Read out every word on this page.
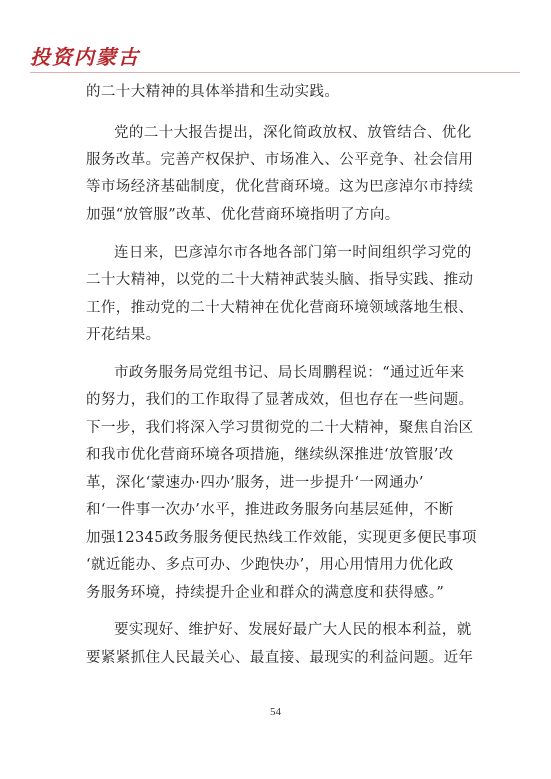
投资内蒙古
的二十大精神的具体举措和生动实践。
党的二十大报告提出，深化简政放权、放管结合、优化
服务改革。完善产权保护、市场准入、公平竞争、社会信用
等市场经济基础制度，优化营商环境。这为巴彦淖尔市持续
加强“放管服”改革、优化营商环境指明了方向。
连日来，巴彦淖尔市各地各部门第一时间组织学习党的
二十大精神，以党的二十大精神武装头脑、指导实践、推动
工作，推动党的二十大精神在优化营商环境领域落地生根、
开花结果。
市政务服务局党组书记、局长周鹏程说：“通过近年来
的努力，我们的工作取得了显著成效，但也存在一些问题。
下一步，我们将深入学习贯彻党的二十大精神，聚焦自治区
和我市优化营商环境各项措施，继续纵深推进‘放管服’改
革，深化‘蒙速办·四办’服务，进一步提升‘一网通办’
和‘一件事一次办’水平，推进政务服务向基层延伸，不断
加强12345政务服务便民热线工作效能，实现更多便民事项
‘就近能办、多点可办、少跑快办’，用心用情用力优化政
务服务环境，持续提升企业和群众的满意度和获得感。”
要实现好、维护好、发展好最广大人民的根本利益，就
要紧紧抓住人民最关心、最直接、最现实的利益问题。近年
54
